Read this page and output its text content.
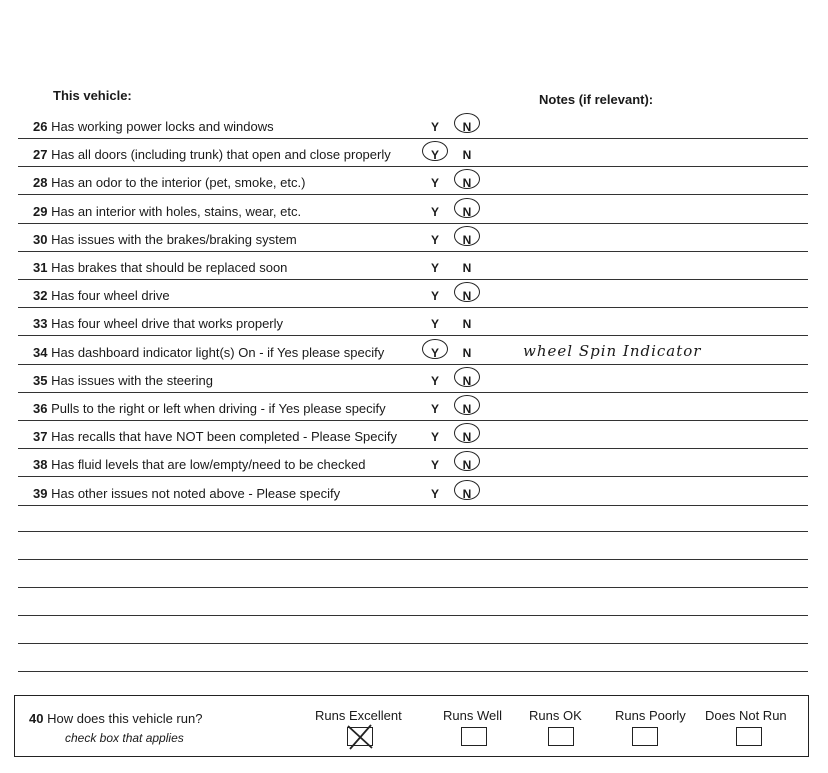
This vehicle:	Notes (if relevant):
26 Has working power locks and windows	Y N
27 Has all doors (including trunk) that open and close properly	Y N
28 Has an odor to the interior (pet, smoke, etc.)	Y N
29 Has an interior with holes, stains, wear, etc.	Y N
30 Has issues with the brakes/braking system	Y N
31 Has brakes that should be replaced soon	Y N
32 Has four wheel drive	Y N
33 Has four wheel drive that works properly	Y N
34 Has dashboard indicator light(s) On - if Yes please specify	Y N	wheel Spin Indicator
35 Has issues with the steering	Y N
36 Pulls to the right or left when driving - if Yes please specify	Y N
37 Has recalls that have NOT been completed - Please Specify	Y N
38 Has fluid levels that are low/empty/need to be checked	Y N
39 Has other issues not noted above - Please specify	Y N
40 How does this vehicle run?
check box that applies
Runs Excellent	Runs Well Runs OK	Runs Poorly Does Not Run
